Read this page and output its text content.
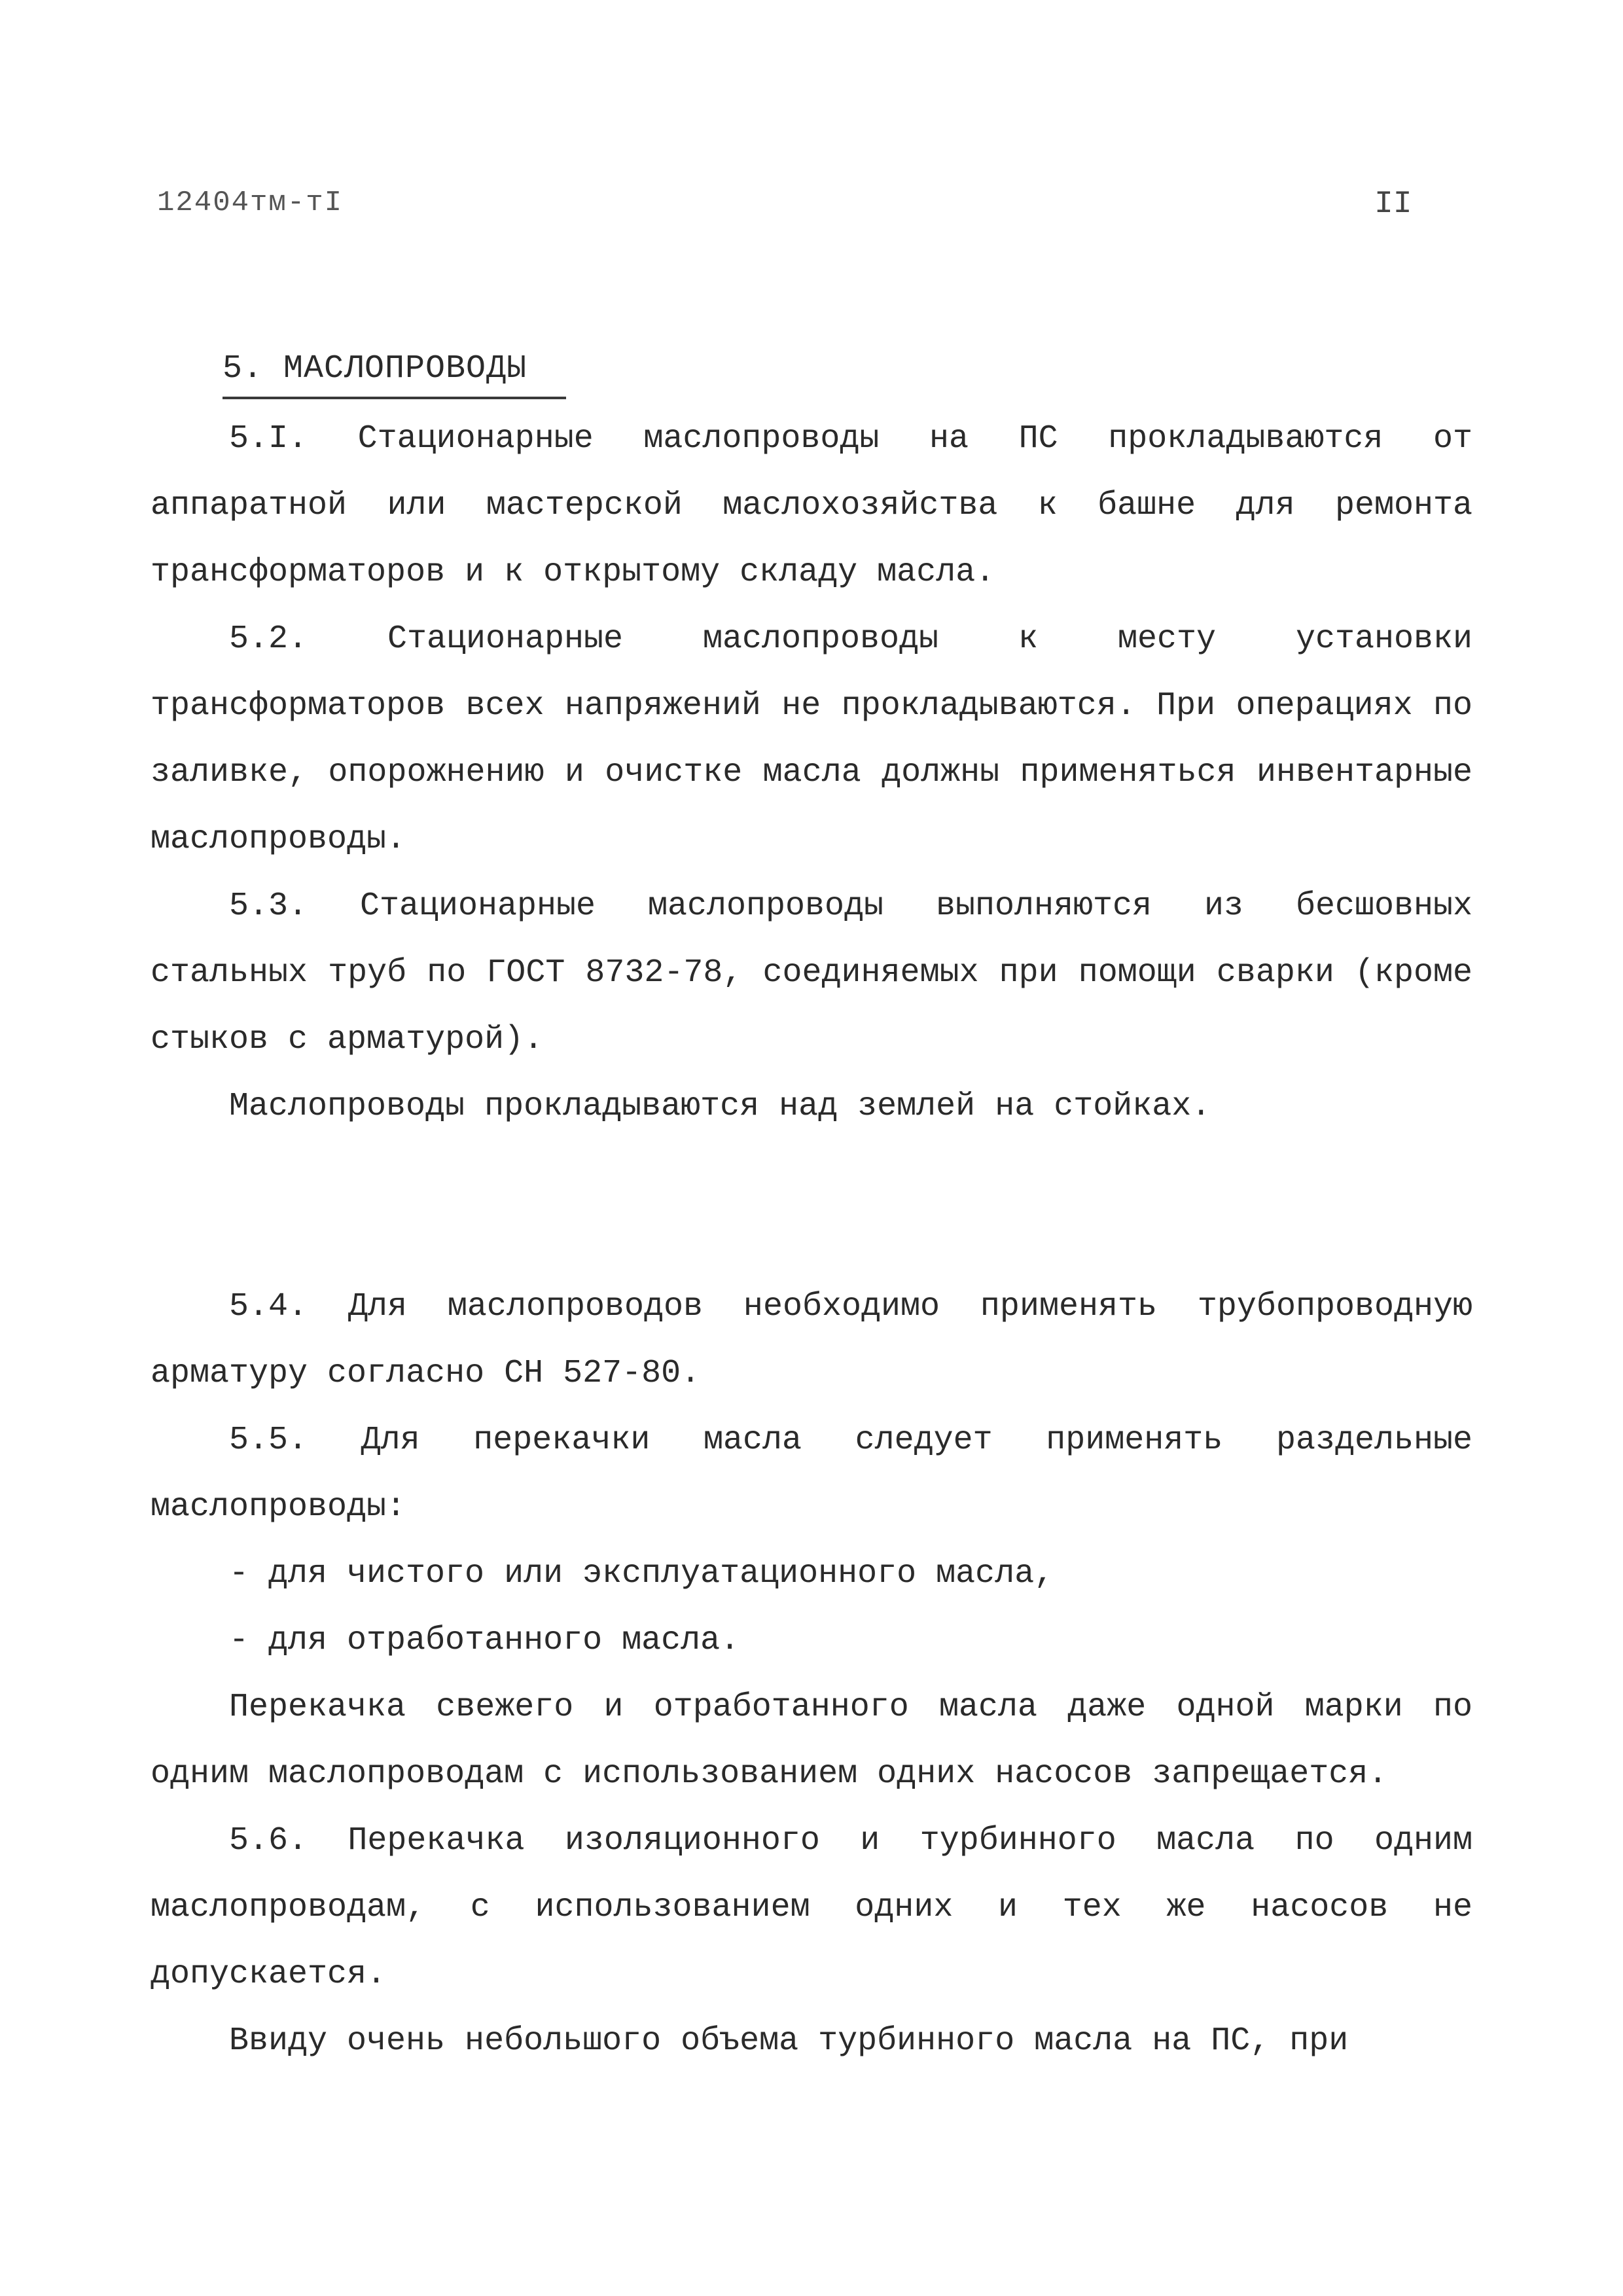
12404тм-тI	II
5. МАСЛОПРОВОДЫ

5.I. Стационарные маслопроводы на ПС прокладываются от аппаратной или мастерской маслохозяйства к башне для ремонта трансформаторов и к открытому складу масла.

5.2. Стационарные маслопроводы к месту установки трансформаторов всех напряжений не прокладываются. При операциях по заливке, опорожнению и очистке масла должны применяться инвентарные маслопроводы.

5.3. Стационарные маслопроводы выполняются из бесшовных стальных труб по ГОСТ 8732-78, соединяемых при помощи сварки (кроме стыков с арматурой).

Маслопроводы прокладываются над землей на стойках.

5.4. Для маслопроводов необходимо применять трубопроводную арматуру согласно СН 527-80.

5.5. Для перекачки масла следует применять раздельные маслопроводы:

- для чистого или эксплуатационного масла,

- для отработанного масла.

Перекачка свежего и отработанного масла даже одной марки по одним маслопроводам с использованием одних насосов запрещается.

5.6. Перекачка изоляционного и турбинного масла по одним маслопроводам, с использованием одних и тех же насосов не допускается.

Ввиду очень небольшого объема турбинного масла на ПС, при
